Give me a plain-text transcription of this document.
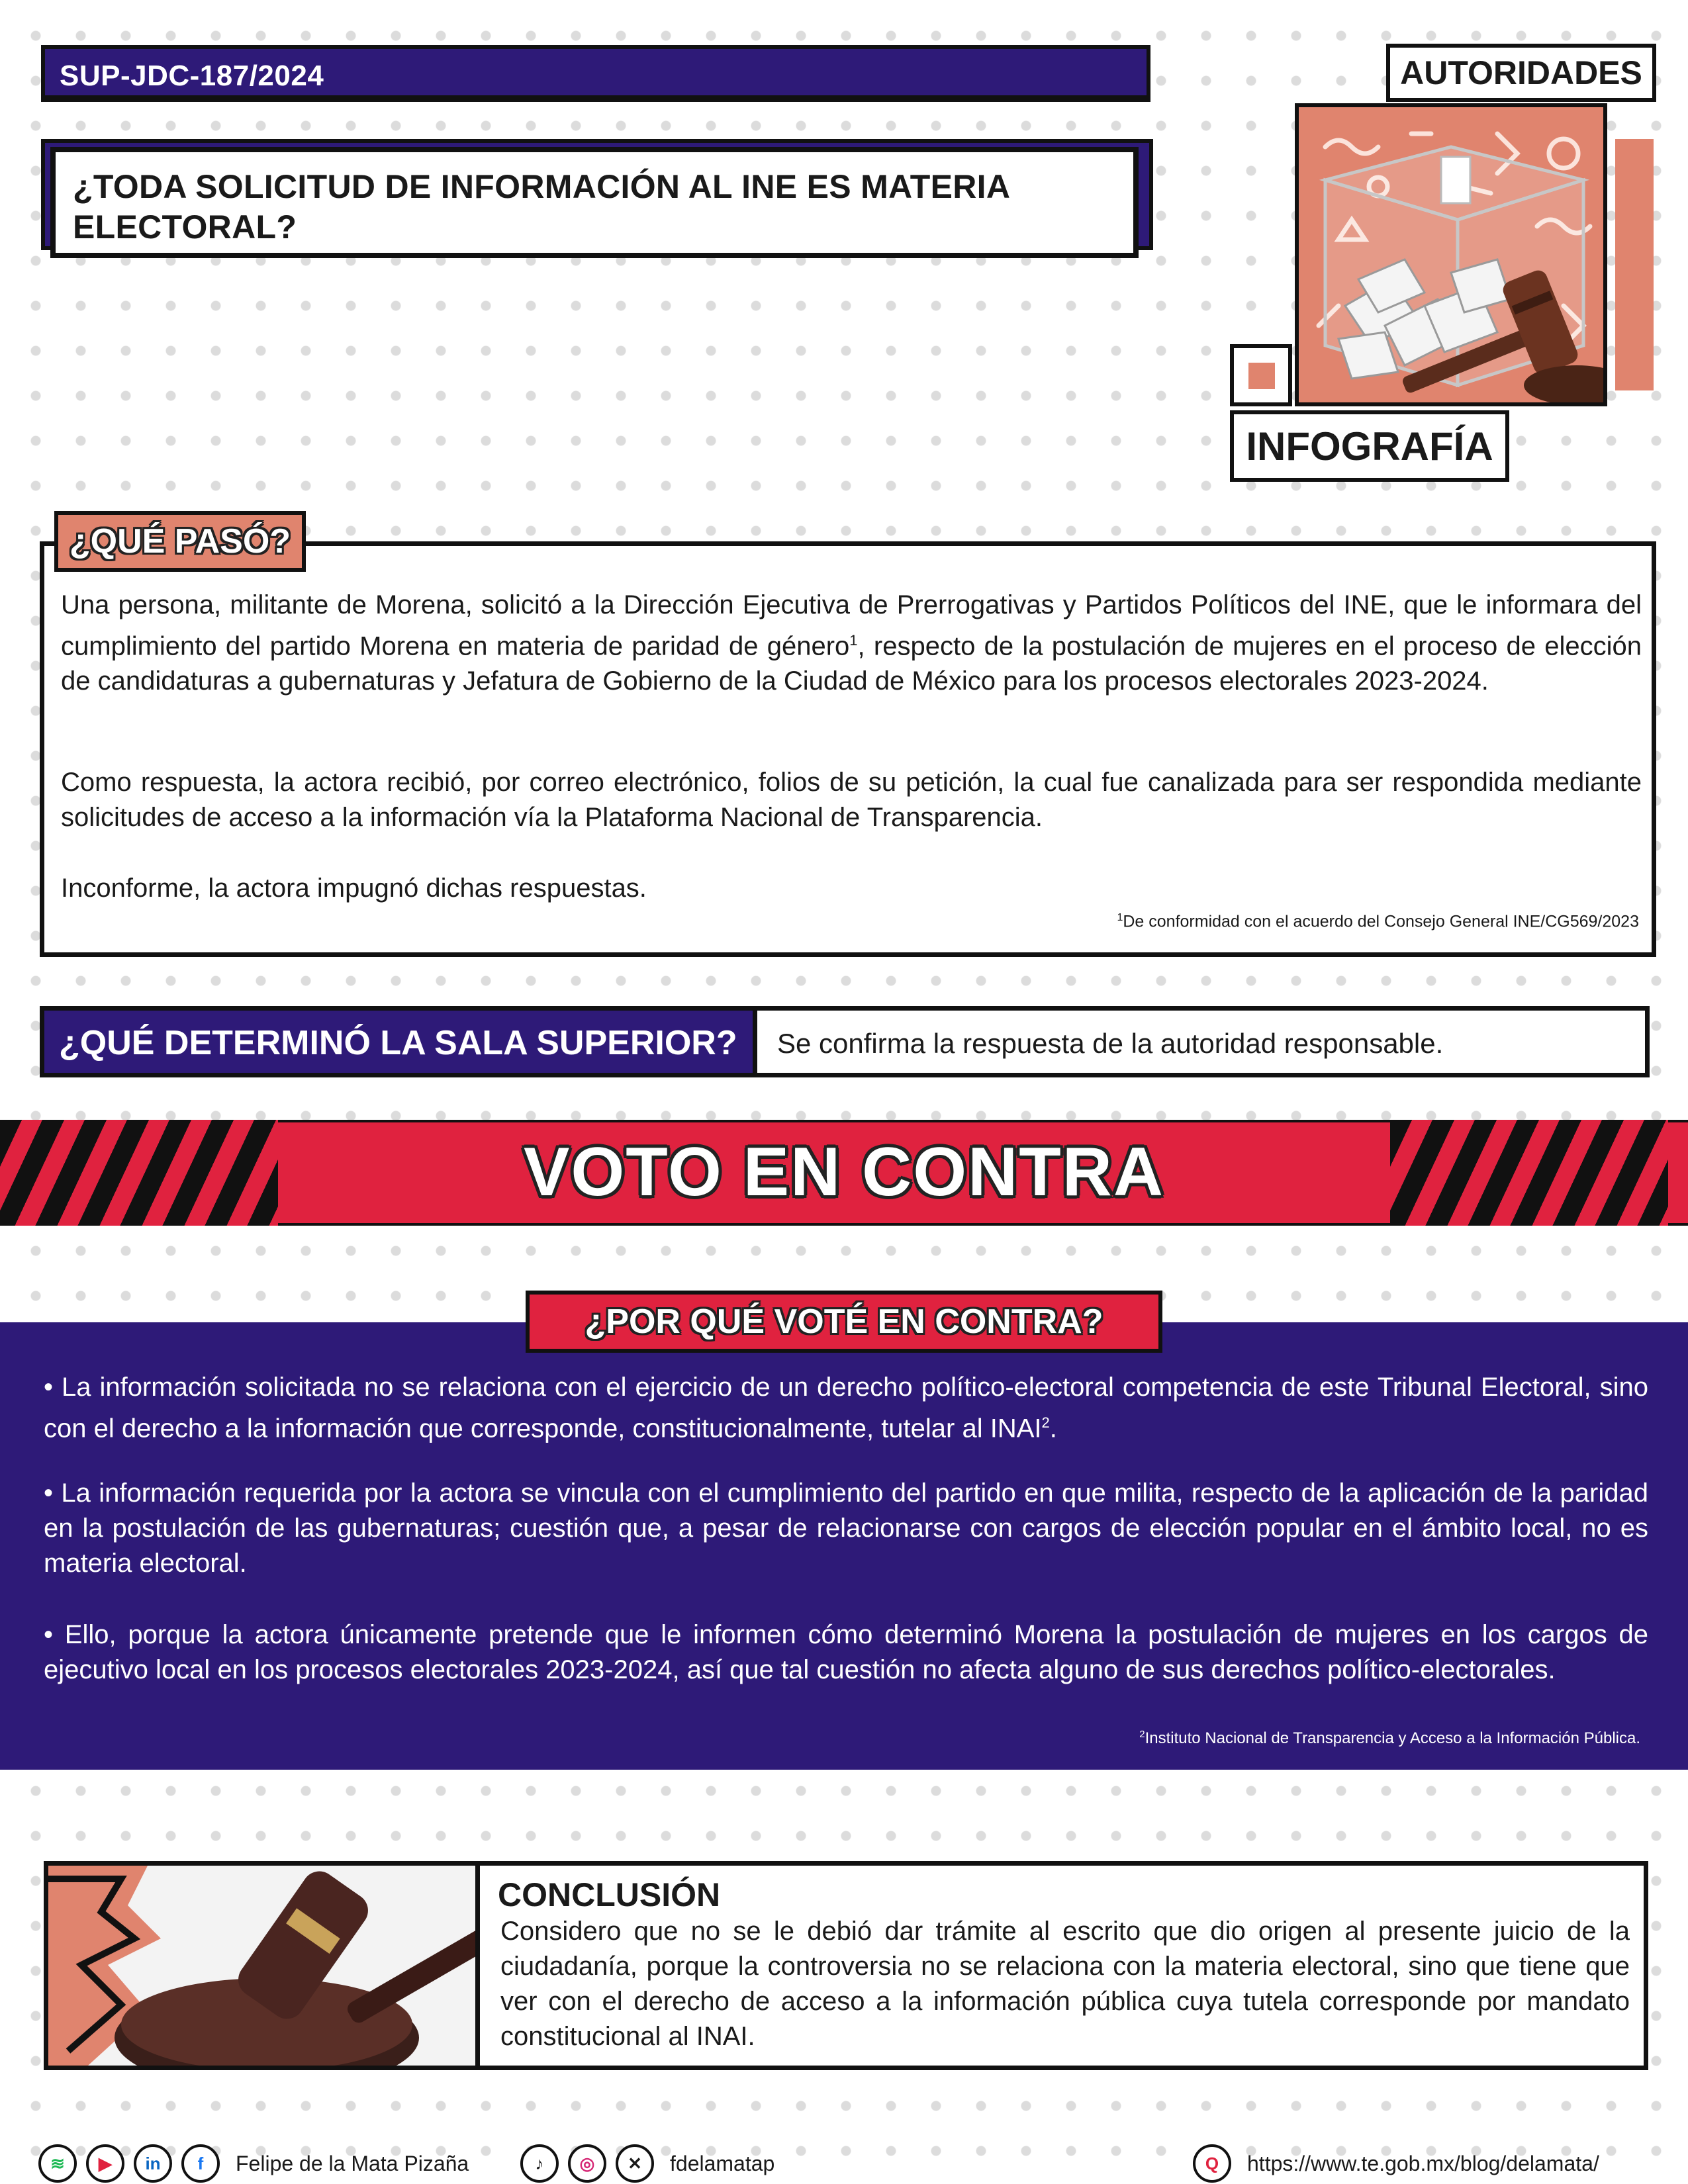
SUP-JDC-187/2024
¿TODA SOLICITUD DE INFORMACIÓN AL INE ES MATERIA ELECTORAL?
AUTORIDADES
INFOGRAFÍA
¿QUÉ PASÓ?
Una persona, militante de Morena, solicitó a la Dirección Ejecutiva de Prerrogativas y Partidos Políticos del INE, que le informara del cumplimiento del partido Morena en materia de paridad de género$^1$, respecto de la postulación de mujeres en el proceso de elección de candidaturas a gubernaturas y Jefatura de Gobierno de la Ciudad de México para los procesos electorales 2023-2024.
Como respuesta, la actora recibió, por correo electrónico, folios de su petición, la cual fue canalizada para ser respondida mediante solicitudes de acceso a la información vía la Plataforma Nacional de Transparencia.
Inconforme, la actora impugnó dichas respuestas.
$^1$De conformidad con el acuerdo del Consejo General INE/CG569/2023
¿QUÉ DETERMINÓ LA SALA SUPERIOR?	Se confirma la respuesta de la autoridad responsable.
VOTO EN CONTRA
¿POR QUÉ VOTÉ EN CONTRA?
• La información solicitada no se relaciona con el ejercicio de un derecho político-electoral competencia de este Tribunal Electoral, sino con el derecho a la información que corresponde, constitucionalmente, tutelar al INAI$^2$.
• La información requerida por la actora se vincula con el cumplimiento del partido en que milita, respecto de la aplicación de la paridad en la postulación de las gubernaturas; cuestión que, a pesar de relacionarse con cargos de elección popular en el ámbito local, no es materia electoral.
• Ello, porque la actora únicamente pretende que le informen cómo determinó Morena la postulación de mujeres en los cargos de ejecutivo local en los procesos electorales 2023-2024, así que tal cuestión no afecta alguno de sus derechos político-electorales.
$^2$Instituto Nacional de Transparencia y Acceso a la Información Pública.
CONCLUSIÓN
Considero que no se le debió dar trámite al escrito que dio origen al presente juicio de la ciudadanía, porque la controversia no se relaciona con la materia electoral, sino que tiene que ver con el derecho de acceso a la información pública cuya tutela corresponde por mandato constitucional al INAI.
≋	▶	in	f	Felipe de la Mata Pizaña	♪	◎	✕	fdelamatap	Q	https://www.te.gob.mx/blog/delamata/
